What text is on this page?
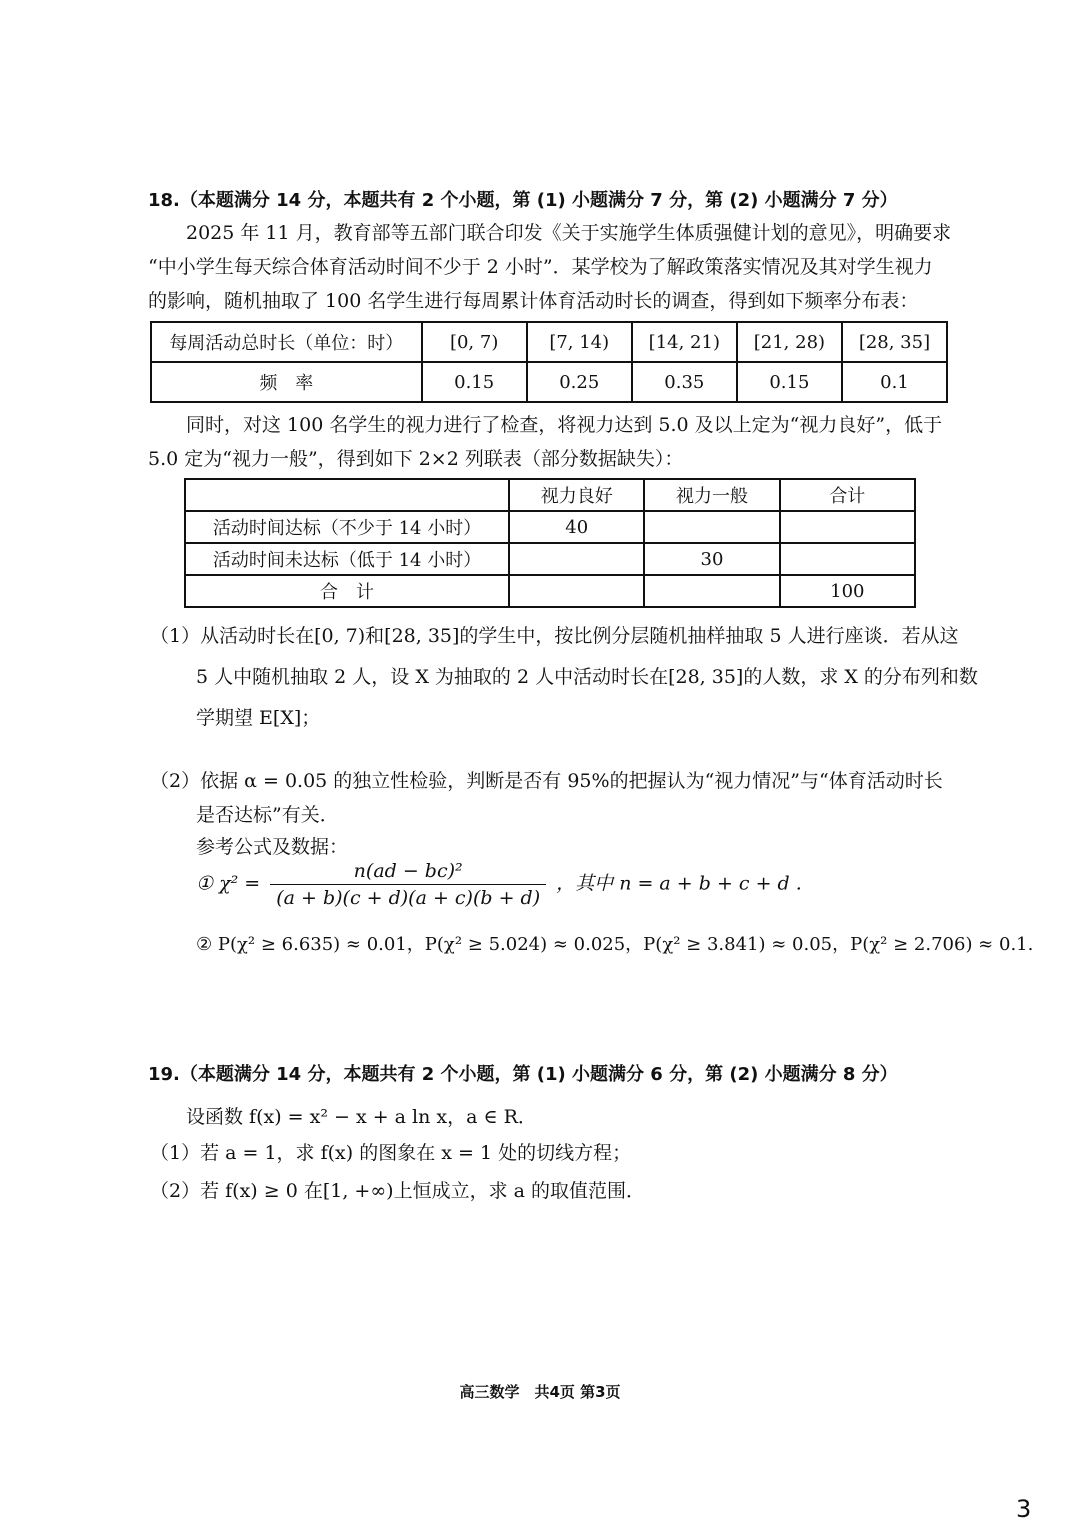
18.（本题满分 14 分，本题共有 2 个小题，第 (1) 小题满分 7 分，第 (2) 小题满分 7 分）
2025 年 11 月，教育部等五部门联合印发《关于实施学生体质强健计划的意见》，明确要求
“中小学生每天综合体育活动时间不少于 2 小时”．某学校为了解政策落实情况及其对学生视力
的影响，随机抽取了 100 名学生进行每周累计体育活动时长的调查，得到如下频率分布表：
每周活动总时长（单位：时）	[0, 7)	[7, 14)	[14, 21)	[21, 28)	[28, 35]
频　率	0.15	0.25	0.35	0.15	0.1
同时，对这 100 名学生的视力进行了检查，将视力达到 5.0 及以上定为“视力良好”，低于
5.0 定为“视力一般”，得到如下 2×2 列联表（部分数据缺失）：
	视力良好	视力一般	合计
活动时间达标（不少于 14 小时）	40		
活动时间未达标（低于 14 小时）		30	
合　计			100
（1）从活动时长在[0, 7)和[28, 35]的学生中，按比例分层随机抽样抽取 5 人进行座谈．若从这
5 人中随机抽取 2 人，设 X 为抽取的 2 人中活动时长在[28, 35]的人数，求 X 的分布列和数
学期望 E[X]；
（2）依据 α = 0.05 的独立性检验，判断是否有 95%的把握认为“视力情况”与“体育活动时长
是否达标”有关．
参考公式及数据：
① $\chi^2 = \frac{\text{n(ad − bc)²}}{(a + b)(c + d)(a + c)(b + d)}$ ，其中 n = a + b + c + d .
② P(χ² ≥ 6.635) ≈ 0.01，P(χ² ≥ 5.024) ≈ 0.025，P(χ² ≥ 3.841) ≈ 0.05，P(χ² ≥ 2.706) ≈ 0.1.
19.（本题满分 14 分，本题共有 2 个小题，第 (1) 小题满分 6 分，第 (2) 小题满分 8 分）
设函数 f(x) = x² − x + a ln x，a ∈ R．
（1）若 a = 1，求 f(x) 的图象在 x = 1 处的切线方程；
（2）若 f(x) ≥ 0 在[1, +∞)上恒成立，求 a 的取值范围．
高三数学　共4页 第3页
3
